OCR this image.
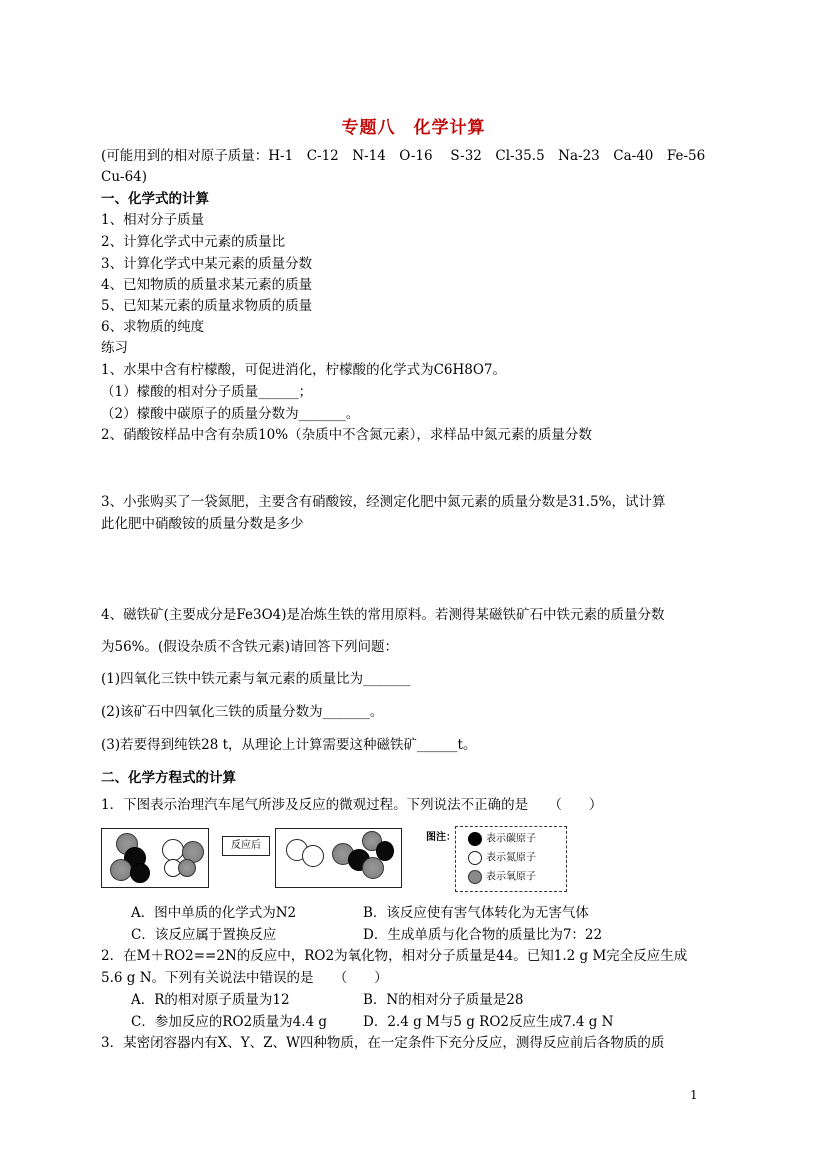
专题八　化学计算
(可能用到的相对原子质量：H-1　C-12　N-14　O-16　 S-32　Cl-35.5　Na-23　Ca-40　Fe-56
Cu-64)
一、化学式的计算
1、相对分子质量
2、计算化学式中元素的质量比
3、计算化学式中某元素的质量分数
4、已知物质的质量求某元素的质量
5、已知某元素的质量求物质的质量
6、求物质的纯度
练习
1、水果中含有柠檬酸，可促进消化，柠檬酸的化学式为C6H8O7。
（1）檬酸的相对分子质量______；
（2）檬酸中碳原子的质量分数为_______。
2、硝酸铵样品中含有杂质10%（杂质中不含氮元素），求样品中氮元素的质量分数
3、小张购买了一袋氮肥，主要含有硝酸铵，经测定化肥中氮元素的质量分数是31.5%，试计算
此化肥中硝酸铵的质量分数是多少
4、磁铁矿(主要成分是Fe3O4)是冶炼生铁的常用原料。若测得某磁铁矿石中铁元素的质量分数
为56%。(假设杂质不含铁元素)请回答下列问题：
(1)四氧化三铁中铁元素与氧元素的质量比为_______
(2)该矿石中四氧化三铁的质量分数为_______。
(3)若要得到纯铁28 t，从理论上计算需要这种磁铁矿______t。
二、化学方程式的计算
1．下图表示治理汽车尾气所涉及反应的微观过程。下列说法不正确的是　　（　　）
反应后
图注：	表示碳原子
表示氮原子
表示氧原子
A．图中单质的化学式为N2	B．该反应使有害气体转化为无害气体
C．该反应属于置换反应	D．生成单质与化合物的质量比为7：22
2．在M＋RO2==2N的反应中，RO2为氧化物，相对分子质量是44。已知1.2 g M完全反应生成
5.6 g N。下列有关说法中错误的是　　（　　）
A．R的相对原子质量为12	B．N的相对分子质量是28
C．参加反应的RO2质量为4.4 g	D．2.4 g M与5 g RO2反应生成7.4 g N
3．某密闭容器内有X、Y、Z、W四种物质，在一定条件下充分反应，测得反应前后各物质的质
1
